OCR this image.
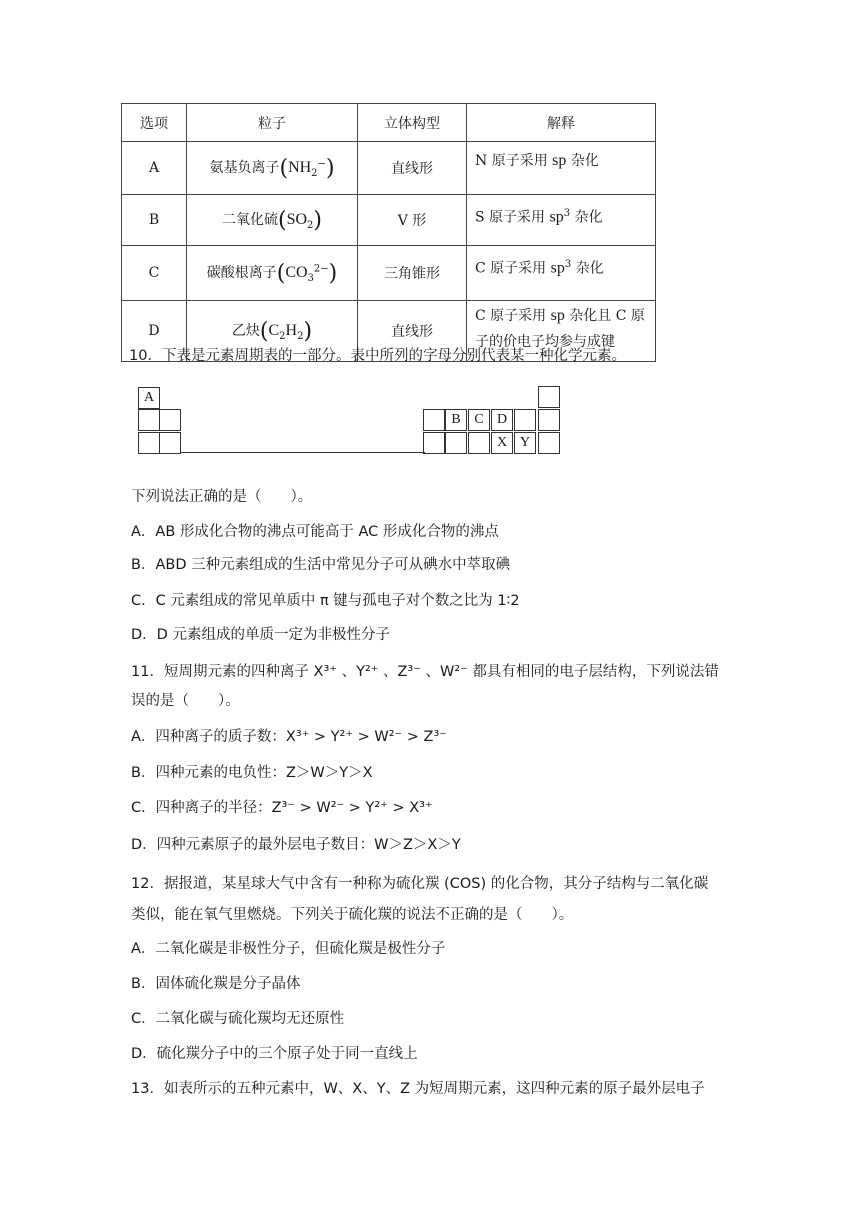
选项	粒子	立体构型	解释
A	氨基负离子$(NH_2^-)$	直线形	N 原子采用 sp 杂化
B	二氧化硫$(SO_2)$	V 形	S 原子采用 $sp^3$ 杂化
C	碳酸根离子$(CO_3^{2-})$	三角锥形	C 原子采用 $sp^3$ 杂化
D	乙炔$(C_2H_2)$	直线形	C 原子采用 sp 杂化且 C 原
子的价电子均参与成键
10．下表是元素周期表的一部分。表中所列的字母分别代表某一种化学元素。
A
B C D
X Y
下列说法正确的是（　　）。
A．AB 形成化合物的沸点可能高于 AC 形成化合物的沸点
B．ABD 三种元素组成的生活中常见分子可从碘水中萃取碘
C．C 元素组成的常见单质中 π 键与孤电子对个数之比为 1∶2
D．D 元素组成的单质一定为非极性分子
11．短周期元素的四种离子 X³⁺ 、Y²⁺ 、Z³⁻ 、W²⁻ 都具有相同的电子层结构，下列说法错
误的是（　　）。
A．四种离子的质子数：X³⁺ > Y²⁺ > W²⁻ > Z³⁻
B．四种元素的电负性：Z＞W＞Y＞X
C．四种离子的半径：Z³⁻ > W²⁻ > Y²⁺ > X³⁺
D．四种元素原子的最外层电子数目：W＞Z＞X＞Y
12．据报道，某星球大气中含有一种称为硫化羰 (COS) 的化合物，其分子结构与二氧化碳
类似，能在氧气里燃烧。下列关于硫化羰的说法不正确的是（　　）。
A．二氧化碳是非极性分子，但硫化羰是极性分子
B．固体硫化羰是分子晶体
C．二氧化碳与硫化羰均无还原性
D．硫化羰分子中的三个原子处于同一直线上
13．如表所示的五种元素中，W、X、Y、Z 为短周期元素，这四种元素的原子最外层电子
